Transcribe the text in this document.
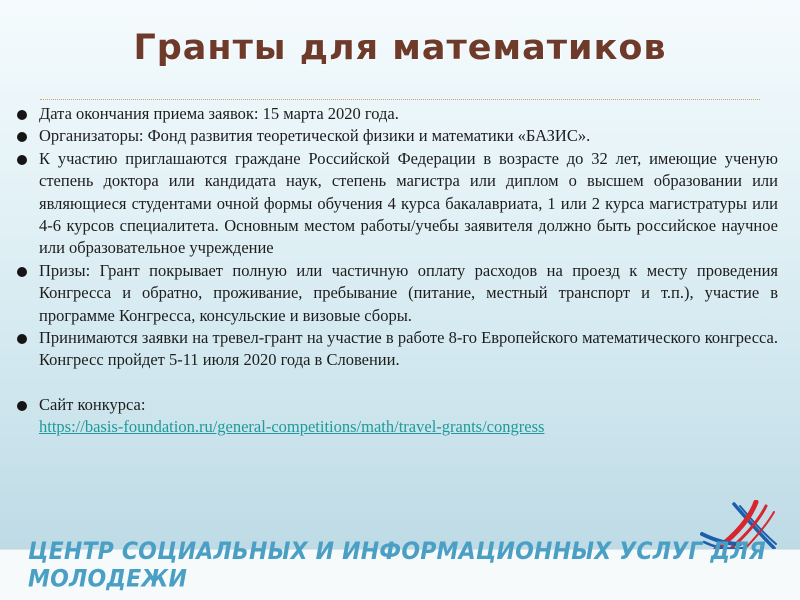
Гранты для математиков
Дата окончания приема заявок: 15 марта 2020 года.
Организаторы: Фонд развития теоретической физики и математики «БАЗИС».
К участию приглашаются граждане Российской Федерации в возрасте до 32 лет, имеющие ученую степень доктора или кандидата наук, степень магистра или диплом о высшем образовании или являющиеся студентами очной формы обучения 4 курса бакалавриата, 1 или 2 курса магистратуры или 4-6 курсов специалитета. Основным местом работы/учебы заявителя должно быть российское научное или образовательное учреждение
Призы: Грант покрывает полную или частичную оплату расходов на проезд к месту проведения Конгресса и обратно, проживание, пребывание (питание, местный транспорт и т.п.), участие в программе Конгресса, консульские и визовые сборы.
Принимаются заявки на тревел-грант на участие в работе 8-го Европейского математического конгресса. Конгресс пройдет 5-11 июля 2020 года в Словении.
Сайт конкурса:
https://basis-foundation.ru/general-competitions/math/travel-grants/congress
ЦЕНТР СОЦИАЛЬНЫХ И ИНФОРМАЦИОННЫХ УСЛУГ ДЛЯ МОЛОДЕЖИ
